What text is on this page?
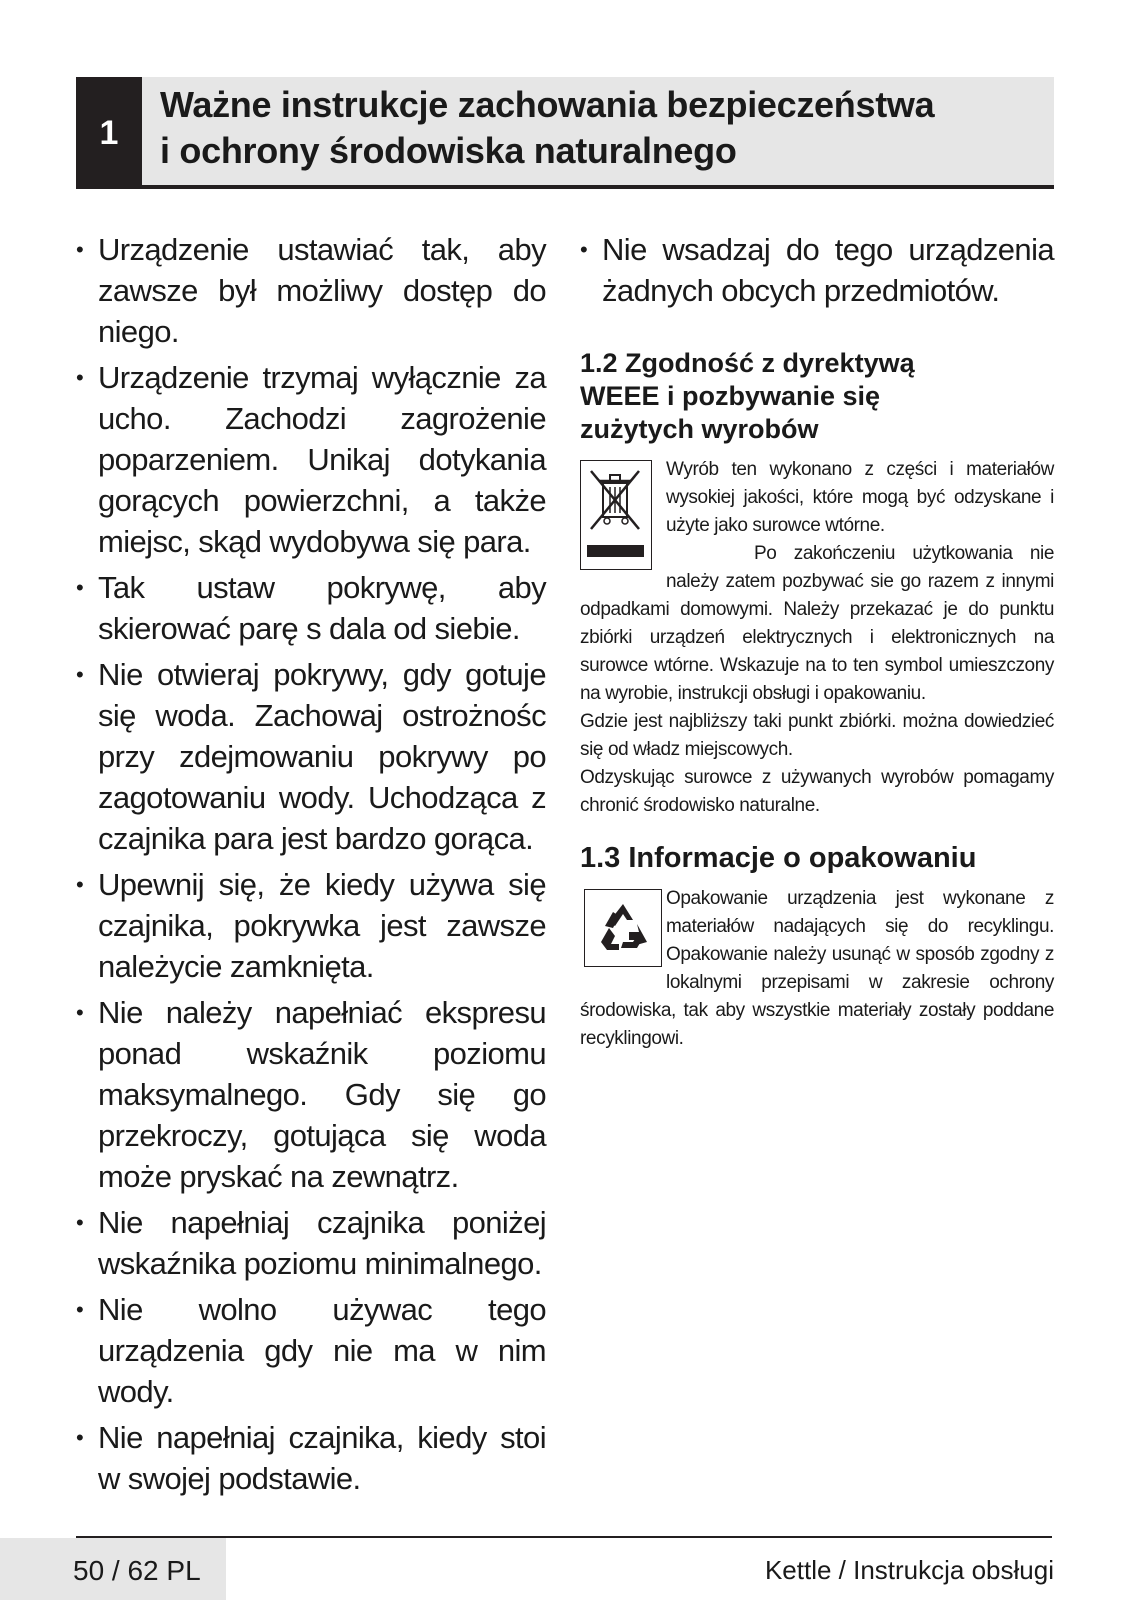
1
Ważne instrukcje zachowania bezpieczeństwa
i ochrony środowiska naturalnego
• Urządzenie ustawiać tak, aby zawsze był możliwy dostęp do niego.
• Urządzenie trzymaj wyłącznie za ucho. Zachodzi zagrożenie poparzeniem. Unikaj dotykania gorących powierzchni, a także miejsc, skąd wydobywa się para.
• Tak ustaw pokrywę, aby skierować parę s dala od siebie.
• Nie otwieraj pokrywy, gdy gotuje się woda. Zachowaj ostrożnośc przy zdejmowaniu pokrywy po zagotowaniu wody. Uchodząca z czajnika para jest bardzo gorąca.
• Upewnij się, że kiedy używa się czajnika, pokrywka jest zawsze należycie zamknięta.
• Nie należy napełniać ekspresu ponad wskaźnik poziomu maksymalnego. Gdy się go przekroczy, gotująca się woda może pryskać na zewnątrz.
• Nie napełniaj czajnika poniżej wskaźnika poziomu minimalnego.
• Nie wolno używac tego urządzenia gdy nie ma w nim wody.
• Nie napełniaj czajnika, kiedy stoi w swojej podstawie.
• Nie wsadzaj do tego urządzenia żadnych obcych przedmiotów.
1.2 Zgodność z dyrektywą WEEE i pozbywanie się zużytych wyrobów

Wyrób ten wykonano z części i materiałów wysokiej jakości, które mogą być odzyskane i użyte jako surowce wtórne.

Po zakończeniu użytkowania nie należy zatem pozbywać sie go razem z innymi odpadkami domowymi. Należy przekazać je do punktu zbiórki urządzeń elektrycznych i elektronicznych na surowce wtórne. Wskazuje na to ten symbol umieszczony na wyrobie, instrukcji obsługi i opakowaniu.

Gdzie jest najbliższy taki punkt zbiórki. można dowiedzieć się od władz miejscowych.

Odzyskując surowce z używanych wyrobów pomagamy chronić środowisko naturalne.

1.3 Informacje o opakowaniu

Opakowanie urządzenia jest wykonane z materiałów nadających się do recyklingu. Opakowanie należy usunąć w sposób zgodny z lokalnymi przepisami w zakresie ochrony środowiska, tak aby wszystkie materiały zostały poddane recyklingowi.

50 / 62 PL	Kettle / Instrukcja obsługi
